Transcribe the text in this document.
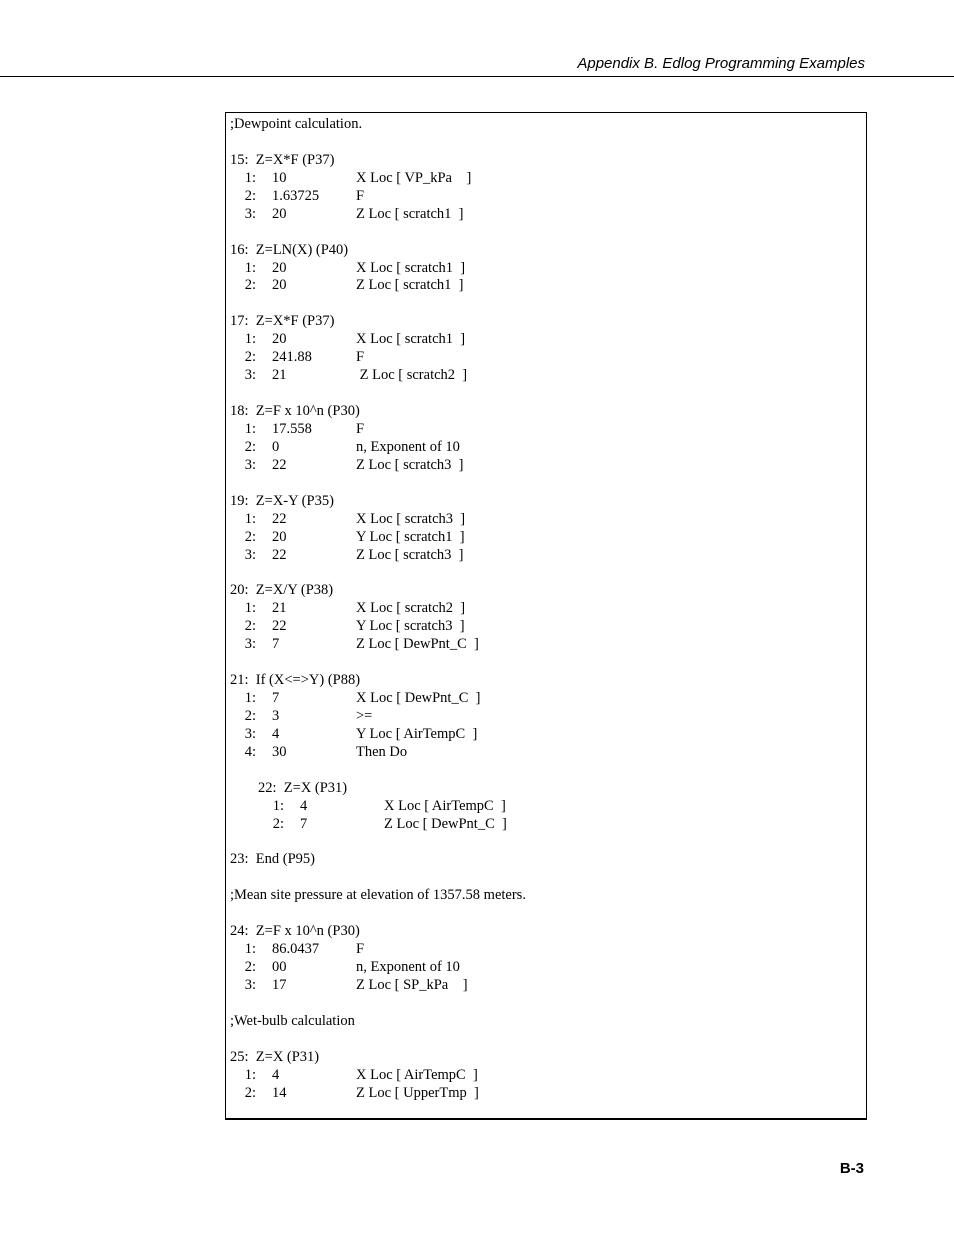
Appendix B. Edlog Programming Examples
;Dewpoint calculation.
15:  Z=X*F (P37)
1: 10	X Loc [ VP_kPa    ]
2: 1.63725	F
3: 20	Z Loc [ scratch1  ]
16:  Z=LN(X) (P40)
1: 20	X Loc [ scratch1  ]
2: 20	Z Loc [ scratch1  ]
17:  Z=X*F (P37)
1: 20	X Loc [ scratch1  ]
2: 241.88	F
3: 21	Z Loc [ scratch2  ]
18:  Z=F x 10^n (P30)
1: 17.558	F
2: 0	n, Exponent of 10
3: 22	Z Loc [ scratch3  ]
19:  Z=X-Y (P35)
1: 22	X Loc [ scratch3  ]
2: 20	Y Loc [ scratch1  ]
3: 22	Z Loc [ scratch3  ]
20:  Z=X/Y (P38)
1: 21	X Loc [ scratch2  ]
2: 22	Y Loc [ scratch3  ]
3: 7	Z Loc [ DewPnt_C  ]
21:  If (X<=>Y) (P88)
1: 7	X Loc [ DewPnt_C  ]
2: 3	>=
3: 4	Y Loc [ AirTempC  ]
4: 30	Then Do
22:  Z=X (P31)
1: 4	X Loc [ AirTempC  ]
2: 7	Z Loc [ DewPnt_C  ]
23:  End (P95)
;Mean site pressure at elevation of 1357.58 meters.
24:  Z=F x 10^n (P30)
1: 86.0437	F
2: 00	n, Exponent of 10
3: 17	Z Loc [ SP_kPa    ]
;Wet-bulb calculation
25:  Z=X (P31)
1: 4	X Loc [ AirTempC  ]
2: 14	Z Loc [ UpperTmp  ]
B-3
